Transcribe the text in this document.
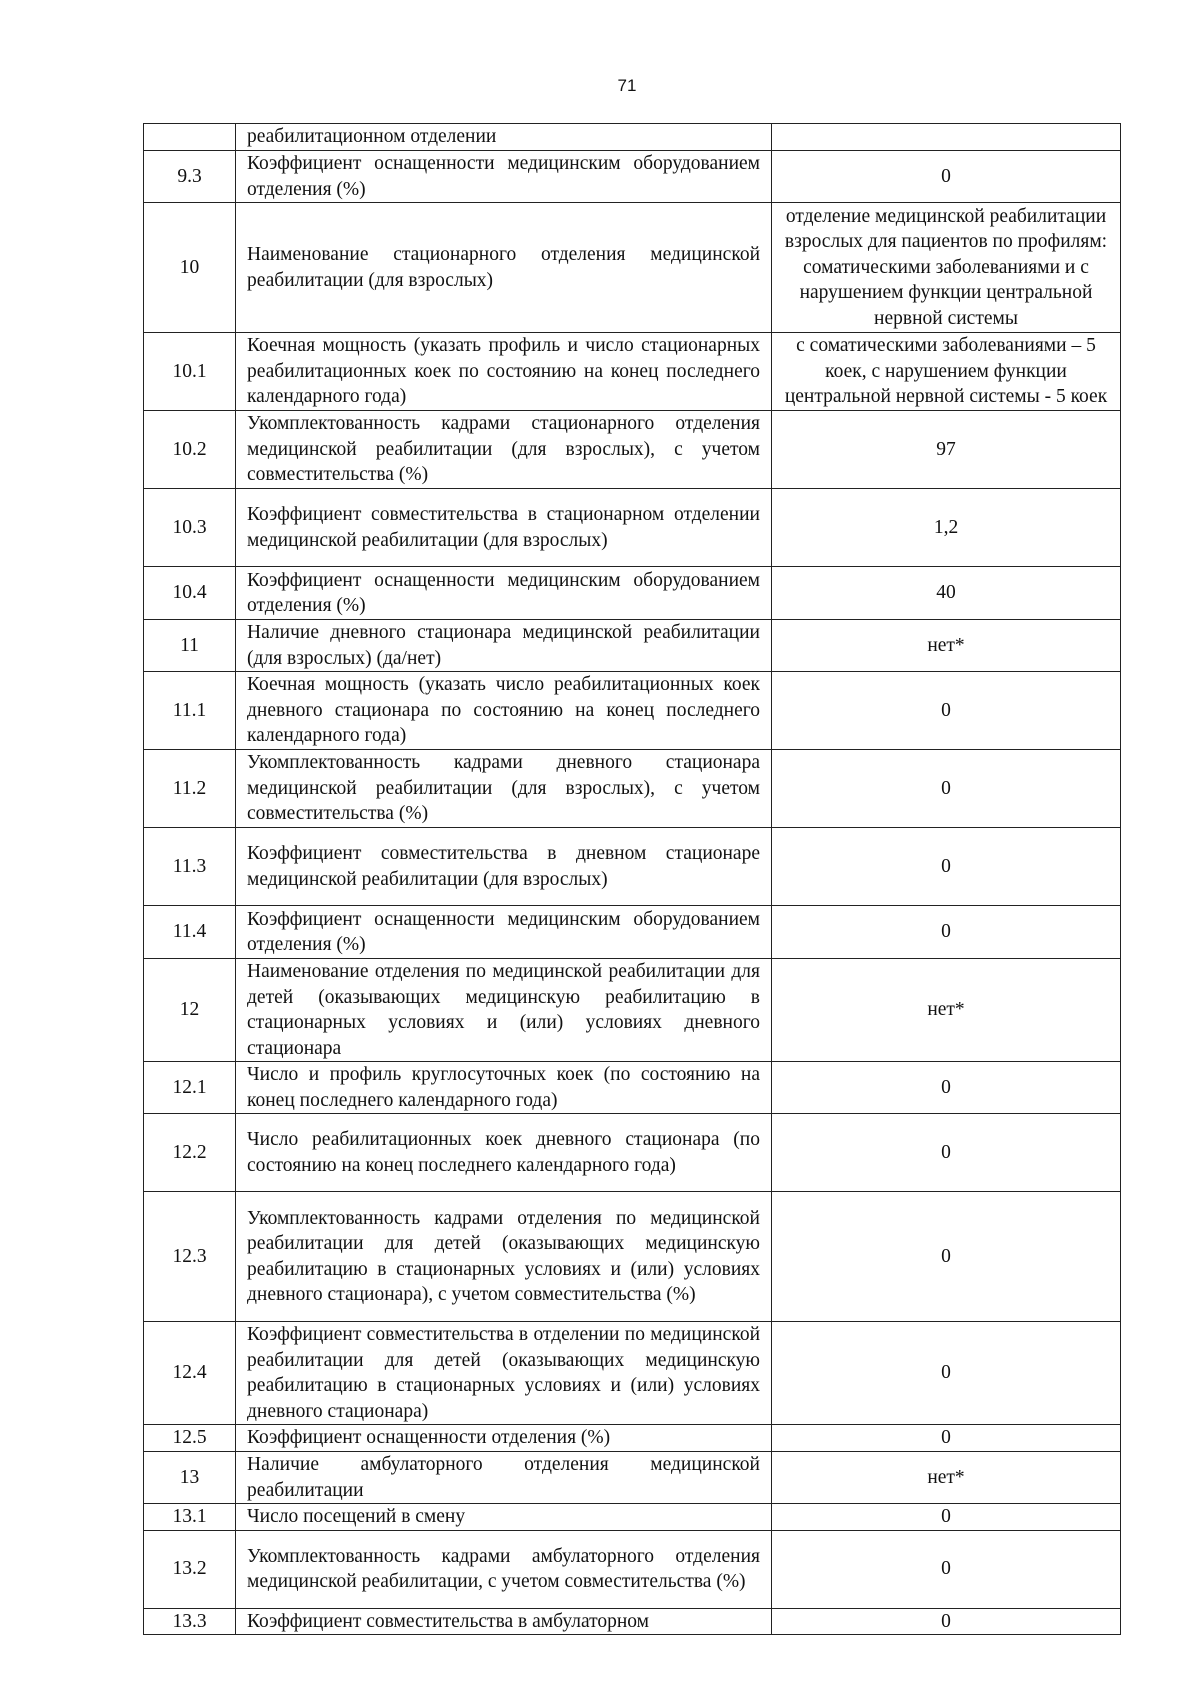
71
	реабилитационном отделении	
9.3	Коэффициент оснащенности медицинским оборудованием отделения (%)	0
10	Наименование стационарного отделения медицинской реабилитации (для взрослых)	отделение медицинской реабилитации взрослых для пациентов по профилям: соматическими заболеваниями и с нарушением функции центральной нервной системы
10.1	Коечная мощность (указать профиль и число стационарных реабилитационных коек по состоянию на конец последнего календарного года)	с соматическими заболеваниями – 5 коек, с нарушением функции центральной нервной системы - 5 коек
10.2	Укомплектованность кадрами стационарного отделения медицинской реабилитации (для взрослых), с учетом совместительства (%)	97
10.3	Коэффициент совместительства в стационарном отделении медицинской реабилитации (для взрослых)	1,2
10.4	Коэффициент оснащенности медицинским оборудованием отделения (%)	40
11	Наличие дневного стационара медицинской реабилитации (для взрослых) (да/нет)	нет*
11.1	Коечная мощность (указать число реабилитационных коек дневного стационара по состоянию на конец последнего календарного года)	0
11.2	Укомплектованность кадрами дневного стационара медицинской реабилитации (для взрослых), с учетом совместительства (%)	0
11.3	Коэффициент совместительства в дневном стационаре медицинской реабилитации (для взрослых)	0
11.4	Коэффициент оснащенности медицинским оборудованием отделения (%)	0
12	Наименование отделения по медицинской реабилитации для детей (оказывающих медицинскую реабилитацию в стационарных условиях и (или) условиях дневного стационара	нет*
12.1	Число и профиль круглосуточных коек (по состоянию на конец последнего календарного года)	0
12.2	Число реабилитационных коек дневного стационара (по состоянию на конец последнего календарного года)	0
12.3	Укомплектованность кадрами отделения по медицинской реабилитации для детей (оказывающих медицинскую реабилитацию в стационарных условиях и (или) условиях дневного стационара), с учетом совместительства (%)	0
12.4	Коэффициент совместительства в отделении по медицинской реабилитации для детей (оказывающих медицинскую реабилитацию в стационарных условиях и (или) условиях дневного стационара)	0
12.5	Коэффициент оснащенности отделения (%)	0
13	Наличие амбулаторного отделения медицинской реабилитации	нет*
13.1	Число посещений в смену	0
13.2	Укомплектованность кадрами амбулаторного отделения медицинской реабилитации, с учетом совместительства (%)	0
13.3	Коэффициент совместительства в амбулаторном	0
